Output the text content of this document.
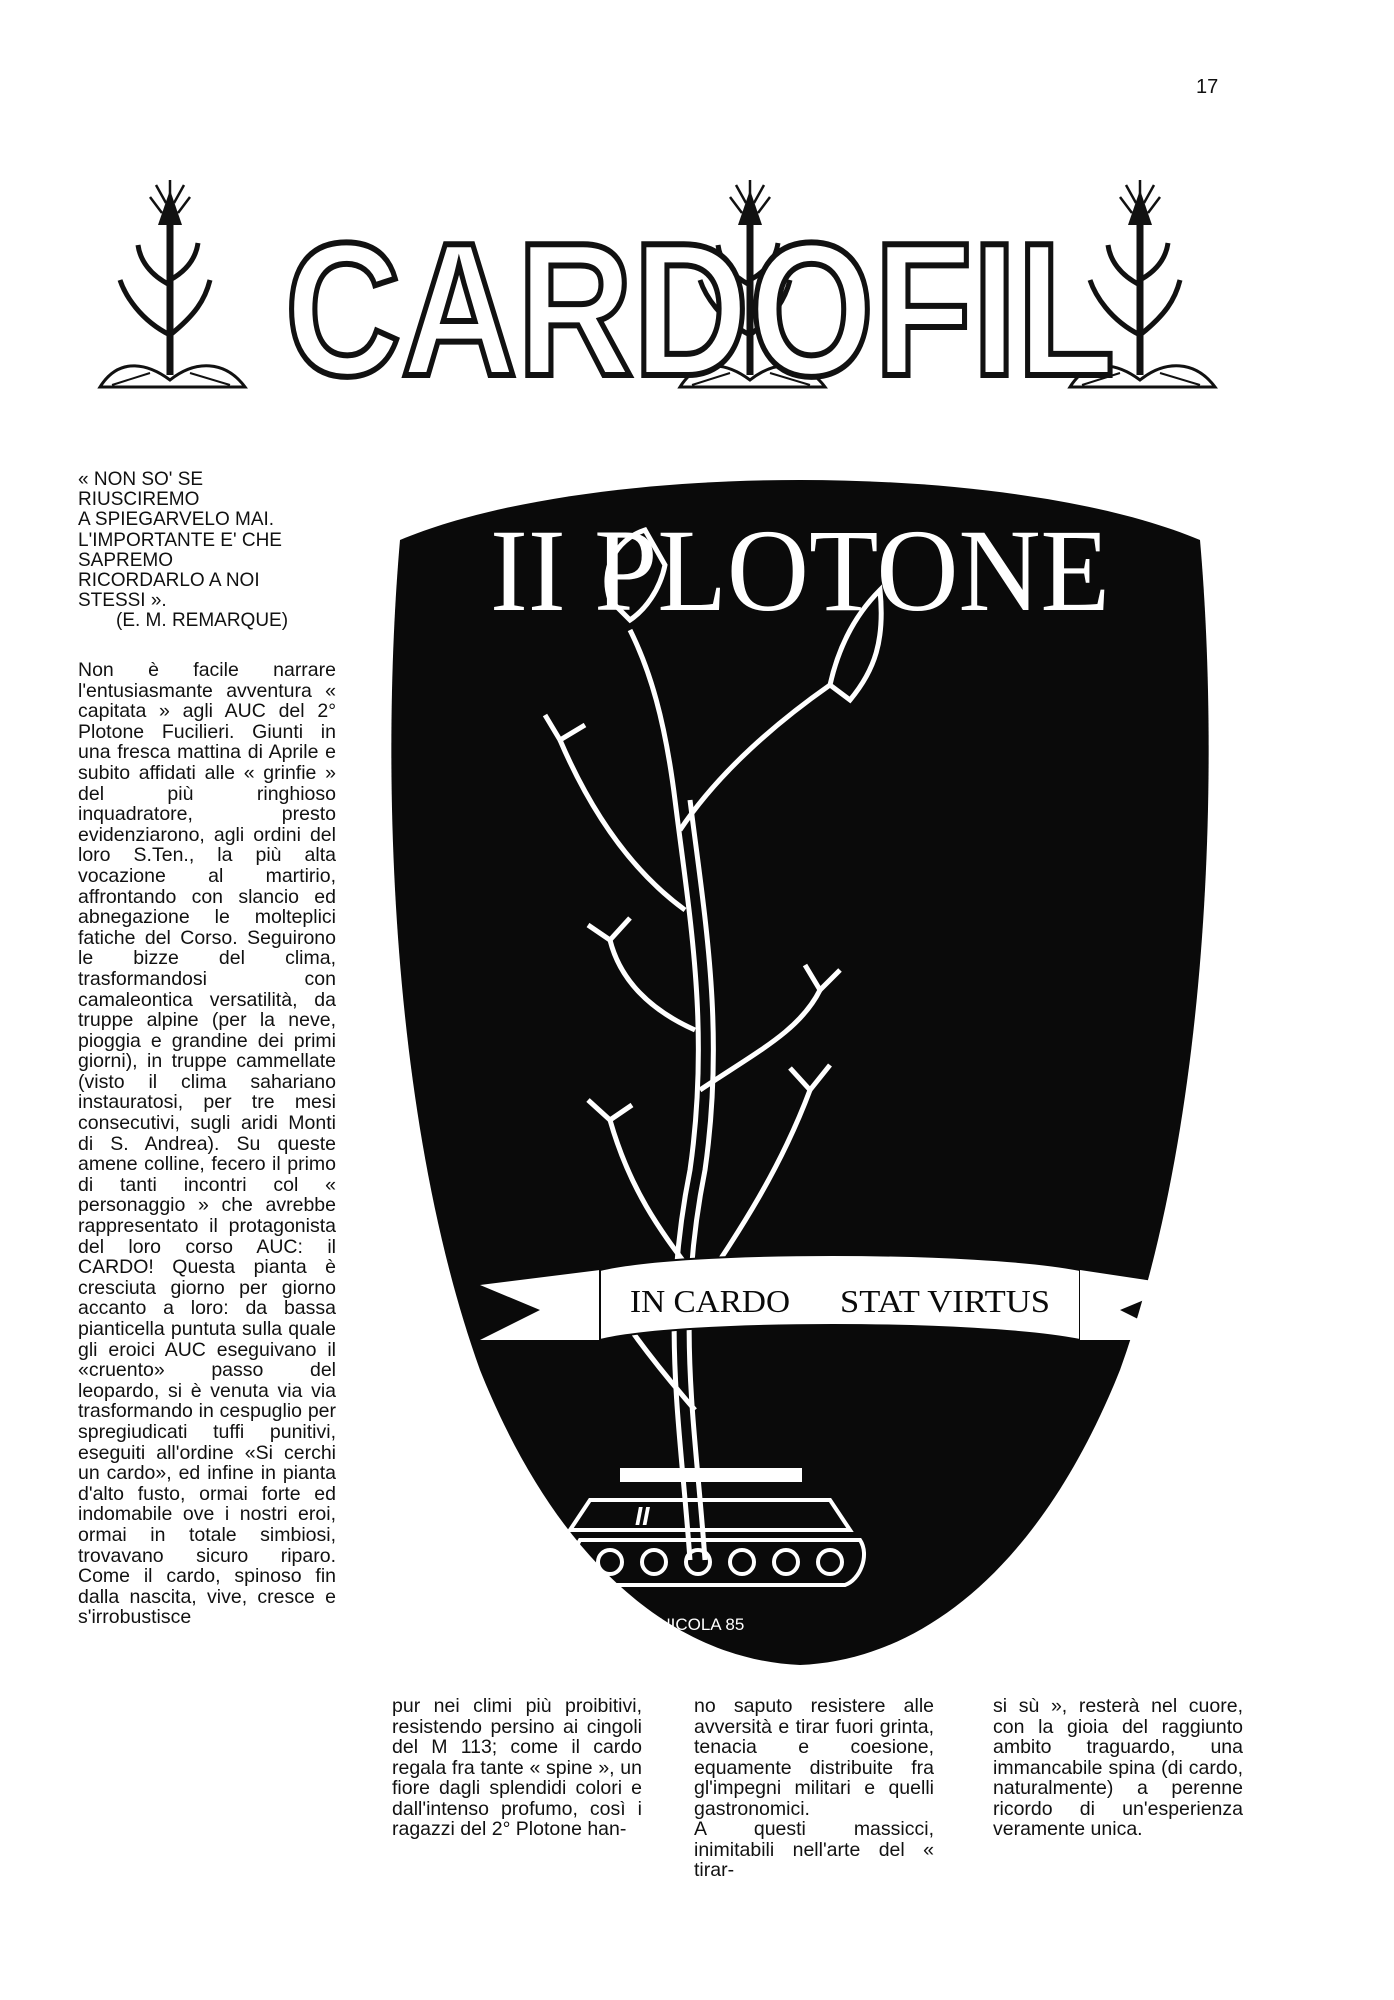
17
CARDOFIL
« NON SO' SE
RIUSCIREMO
A SPIEGARVELO MAI.
L'IMPORTANTE E' CHE
SAPREMO
RICORDARLO A NOI
STESSI ».
(E. M. REMARQUE)

Non è facile narrare l'entusiasmante avventura « capitata » agli AUC del 2° Plotone Fucilieri. Giunti in una fresca mattina di Aprile e subito affidati alle « grinfie » del più ringhioso inquadratore, presto evidenziarono, agli ordini del loro S.Ten., la più alta vocazione al martirio, affrontando con slancio ed abnegazione le molteplici fatiche del Corso. Seguirono le bizze del clima, trasformandosi con camaleontica versatilità, da truppe alpine (per la neve, pioggia e grandine dei primi giorni), in truppe cammellate (visto il clima sahariano instauratosi, per tre mesi consecutivi, sugli aridi Monti di S. Andrea). Su queste amene colline, fecero il primo di tanti incontri col « personaggio » che avrebbe rappresentato il protagonista del loro corso AUC: il CARDO! Questa pianta è cresciuta giorno per giorno accanto a loro: da bassa pianticella puntuta sulla quale gli eroici AUC eseguivano il «cruento» passo del leopardo, si è venuta via via trasformando in cespuglio per spregiudicati tuffi punitivi, eseguiti all'ordine «Si cerchi un cardo», ed infine in pianta d'alto fusto, ormai forte ed indomabile ove i nostri eroi, ormai in totale simbiosi, trovavano sicuro riparo. Come il cardo, spinoso fin dalla nascita, vive, cresce e s'irrobustisce

pur nei climi più proibitivi, resistendo persino ai cingoli del M 113; come il cardo regala fra tante « spine », un fiore dagli splendidi colori e dall'intenso profumo, così i ragazzi del 2° Plotone han-

no saputo resistere alle avversità e tirar fuori grinta, tenacia e coesione, equamente distribuite fra gl'impegni militari e quelli gastronomici.

A questi massicci, inimitabili nell'arte del « tirar-

si sù », resterà nel cuore, con la gioia del raggiunto ambito traguardo, una immancabile spina (di cardo, naturalmente) a perenne ricordo di un'esperienza veramente unica.

II PLOTONE
IN CARDO STAT VIRTUS
II
DE NICOLA 85
